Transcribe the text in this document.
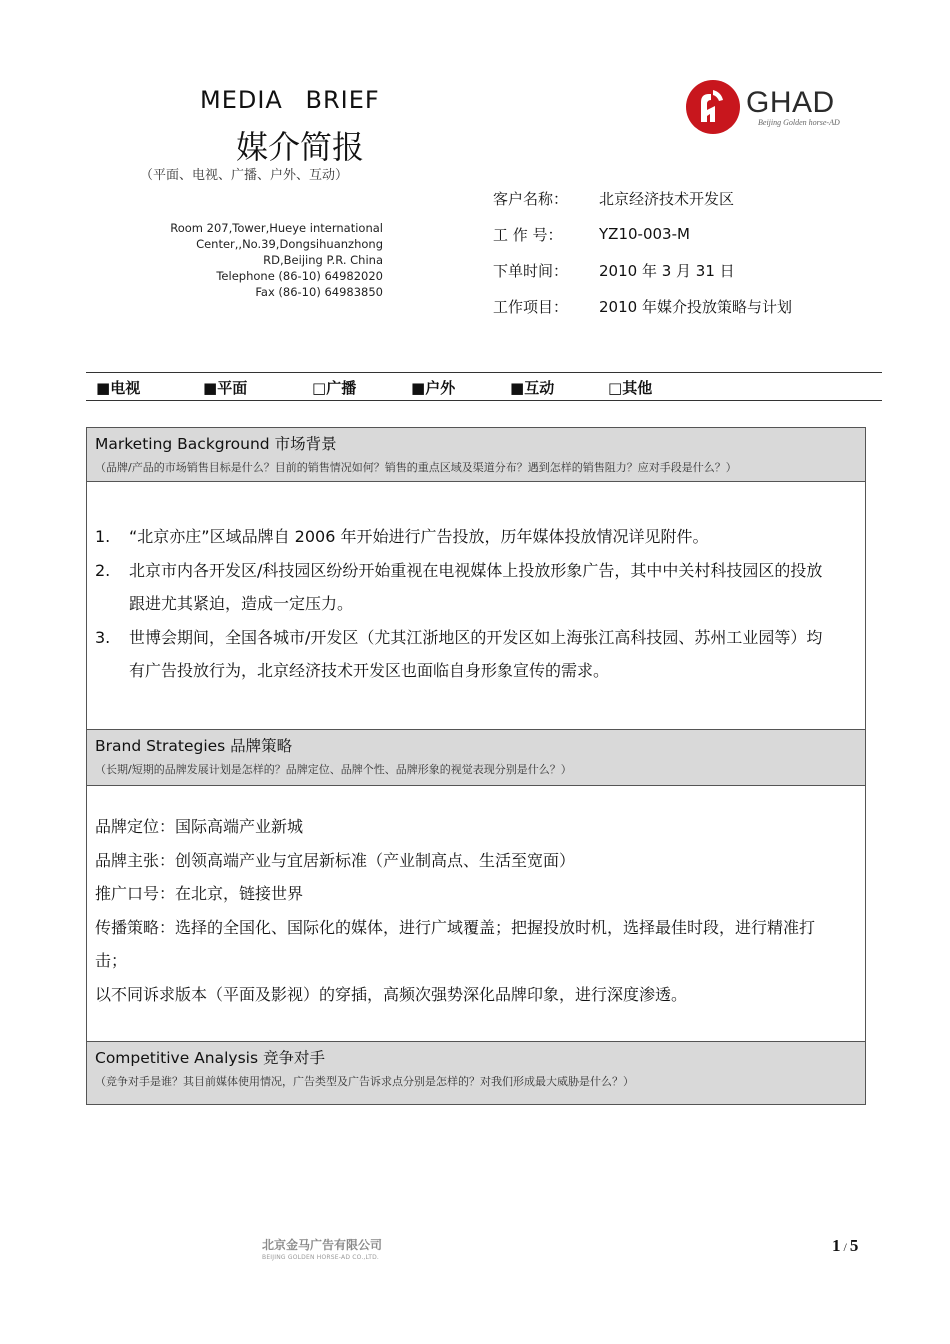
MEDIA BRIEF
媒介简报
（平面、电视、广播、户外、互动）
Room 207,Tower,Hueye international
Center,,No.39,Dongsihuanzhong
RD,Beijing P.R. China
Telephone (86-10) 64982020
Fax (86-10) 64983850
GHAD
Beijing Golden horse-AD
客户名称：	北京经济技术开发区
工 作 号：	YZ10-003-M
下单时间：	2010 年 3 月 31 日
工作项目：	2010 年媒介投放策略与计划
■电视	■平面	□广播	■户外	■互动	□其他
Marketing Background 市场背景
（品牌/产品的市场销售目标是什么？目前的销售情况如何？销售的重点区域及渠道分布？遇到怎样的销售阻力？应对手段是什么？）
1. “北京亦庄”区域品牌自 2006 年开始进行广告投放，历年媒体投放情况详见附件。
2. 北京市内各开发区/科技园区纷纷开始重视在电视媒体上投放形象广告，其中中关村科技园区的投放
跟进尤其紧迫，造成一定压力。
3. 世博会期间，全国各城市/开发区（尤其江浙地区的开发区如上海张江高科技园、苏州工业园等）均
有广告投放行为，北京经济技术开发区也面临自身形象宣传的需求。
Brand Strategies 品牌策略
（长期/短期的品牌发展计划是怎样的？品牌定位、品牌个性、品牌形象的视觉表现分别是什么？）
品牌定位：国际高端产业新城
品牌主张：创领高端产业与宜居新标准（产业制高点、生活至宽面）
推广口号：在北京，链接世界
传播策略：选择的全国化、国际化的媒体，进行广域覆盖；把握投放时机，选择最佳时段，进行精准打
击；
以不同诉求版本（平面及影视）的穿插，高频次强势深化品牌印象，进行深度渗透。
Competitive Analysis 竞争对手
（竞争对手是谁？其目前媒体使用情况，广告类型及广告诉求点分别是怎样的？对我们形成最大威胁是什么？）
北京金马广告有限公司
BEIJING GOLDEN HORSE-AD CO.,LTD.
1 / 5
